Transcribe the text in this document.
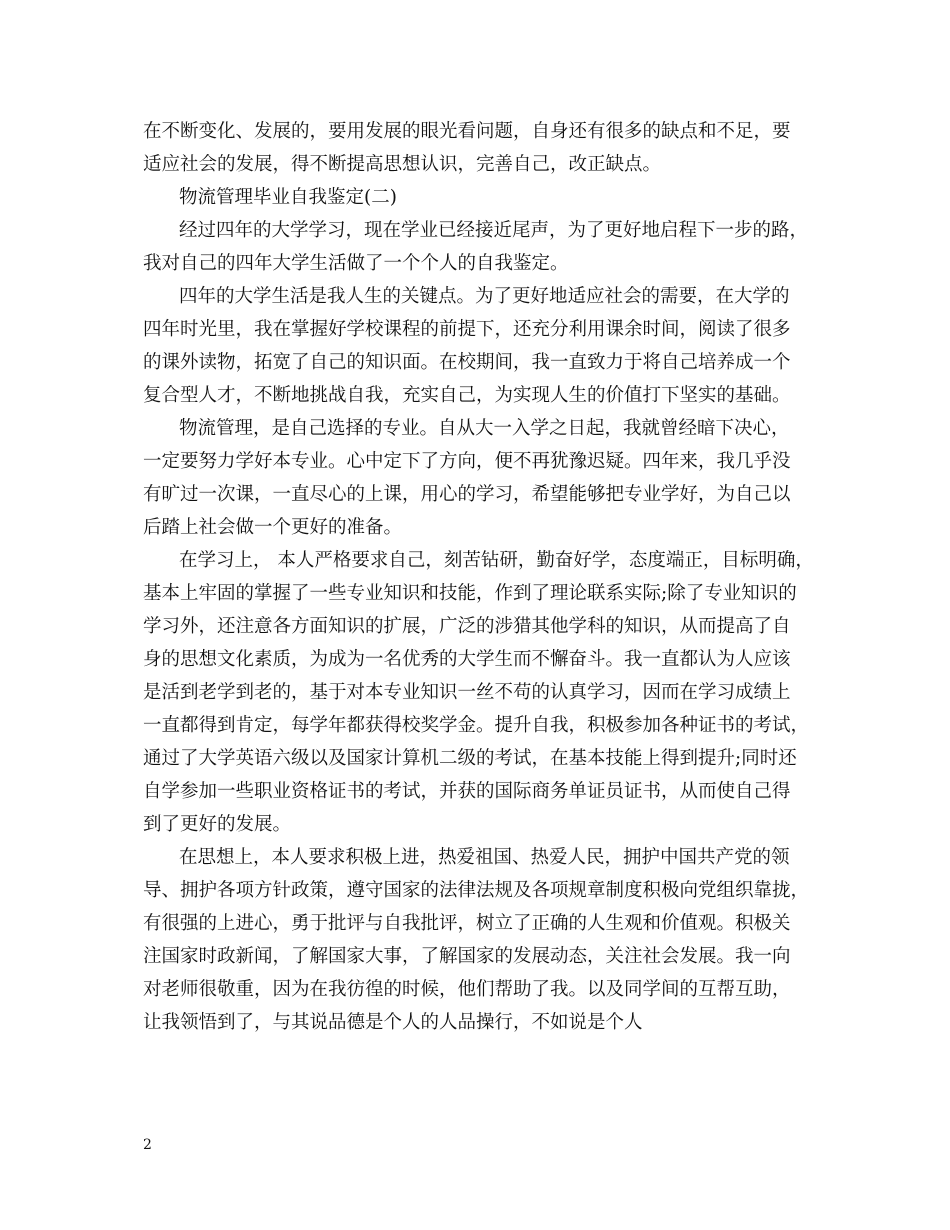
在不断变化、发展的，要用发展的眼光看问题，自身还有很多的缺点和不足，要
适应社会的发展，得不断提高思想认识，完善自己，改正缺点。
物流管理毕业自我鉴定(二)
经过四年的大学学习，现在学业已经接近尾声，为了更好地启程下一步的路，
我对自己的四年大学生活做了一个个人的自我鉴定。
四年的大学生活是我人生的关键点。为了更好地适应社会的需要，在大学的
四年时光里，我在掌握好学校课程的前提下，还充分利用课余时间，阅读了很多
的课外读物，拓宽了自己的知识面。在校期间，我一直致力于将自己培养成一个
复合型人才，不断地挑战自我，充实自己，为实现人生的价值打下坚实的基础。
物流管理，是自己选择的专业。自从大一入学之日起，我就曾经暗下决心，
一定要努力学好本专业。心中定下了方向，便不再犹豫迟疑。四年来，我几乎没
有旷过一次课，一直尽心的上课，用心的学习，希望能够把专业学好，为自己以
后踏上社会做一个更好的准备。
在学习上， 本人严格要求自己，刻苦钻研，勤奋好学，态度端正，目标明确，
基本上牢固的掌握了一些专业知识和技能，作到了理论联系实际;除了专业知识的
学习外，还注意各方面知识的扩展，广泛的涉猎其他学科的知识，从而提高了自
身的思想文化素质，为成为一名优秀的大学生而不懈奋斗。我一直都认为人应该
是活到老学到老的，基于对本专业知识一丝不苟的认真学习，因而在学习成绩上
一直都得到肯定，每学年都获得校奖学金。提升自我，积极参加各种证书的考试，
通过了大学英语六级以及国家计算机二级的考试，在基本技能上得到提升;同时还
自学参加一些职业资格证书的考试，并获的国际商务单证员证书，从而使自己得
到了更好的发展。
在思想上，本人要求积极上进，热爱祖国、热爱人民，拥护中国共产党的领
导、拥护各项方针政策，遵守国家的法律法规及各项规章制度积极向党组织靠拢，
有很强的上进心，勇于批评与自我批评，树立了正确的人生观和价值观。积极关
注国家时政新闻，了解国家大事，了解国家的发展动态，关注社会发展。我一向
对老师很敬重，因为在我彷徨的时候，他们帮助了我。以及同学间的互帮互助，
让我领悟到了，与其说品德是个人的人品操行，不如说是个人
2
